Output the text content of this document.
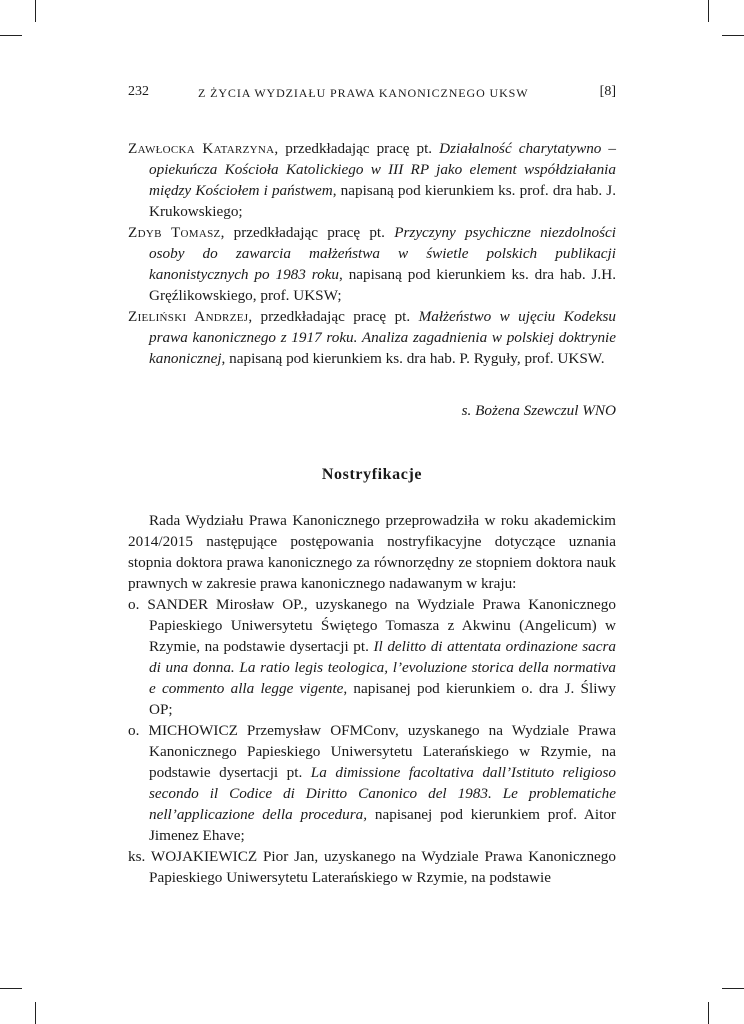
232	Z ŻYCIA WYDZIAŁU PRAWA KANONICZNEGO UKSW	[8]

Zawłocka Katarzyna, przedkładając pracę pt. Działalność charytatywno – opiekuńcza Kościoła Katolickiego w III RP jako element współdziałania między Kościołem i państwem, napisaną pod kierunkiem ks. prof. dra hab. J. Krukowskiego;

Zdyb Tomasz, przedkładając pracę pt. Przyczyny psychiczne niezdolności osoby do zawarcia małżeństwa w świetle polskich publikacji kanonistycznych po 1983 roku, napisaną pod kierunkiem ks. dra hab. J.H. Gręźlikowskiego, prof. UKSW;

Zieliński Andrzej, przedkładając pracę pt. Małżeństwo w ujęciu Kodeksu prawa kanonicznego z 1917 roku. Analiza zagadnienia w polskiej doktrynie kanonicznej, napisaną pod kierunkiem ks. dra hab. P. Ryguły, prof. UKSW.

s. Bożena Szewczul WNO
Nostryfikacje

Rada Wydziału Prawa Kanonicznego przeprowadziła w roku akademickim 2014/2015 następujące postępowania nostryfikacyjne dotyczące uznania stopnia doktora prawa kanonicznego za równorzędny ze stopniem doktora nauk prawnych w zakresie prawa kanonicznego nadawanym w kraju:

o. SANDER Mirosław OP., uzyskanego na Wydziale Prawa Kanonicznego Papieskiego Uniwersytetu Świętego Tomasza z Akwinu (Angelicum) w Rzymie, na podstawie dysertacji pt. Il delitto di attentata ordinazione sacra di una donna. La ratio legis teologica, l’evoluzione storica della normativa e commento alla legge vigente, napisanej pod kierunkiem o. dra J. Śliwy OP;

o. MICHOWICZ Przemysław OFMConv, uzyskanego na Wydziale Prawa Kanonicznego Papieskiego Uniwersytetu Laterańskiego w Rzymie, na podstawie dysertacji pt. La dimissione facoltativa dall’Istituto religioso secondo il Codice di Diritto Canonico del 1983. Le problematiche nell’applicazione della procedura, napisanej pod kierunkiem prof. Aitor Jimenez Ehave;

ks. WOJAKIEWICZ Pior Jan, uzyskanego na Wydziale Prawa Kanonicznego Papieskiego Uniwersytetu Laterańskiego w Rzymie, na podstawie
